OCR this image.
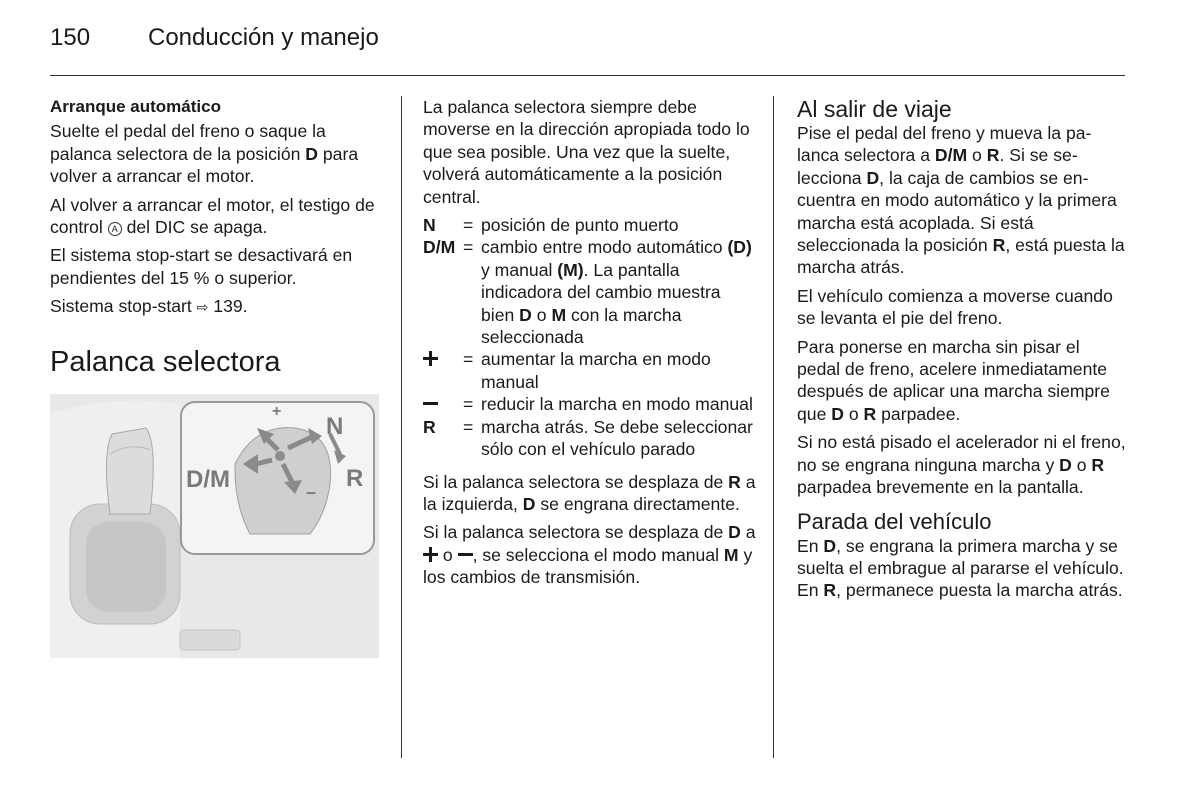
150 Conducción y manejo
Arranque automático

Suelte el pedal del freno o saque la palanca selectora de la posición D para volver a arrancar el motor.

Al volver a arrancar el motor, el testigo de control A del DIC se apaga.

El sistema stop-start se desactivará en pendientes del 15 % o superior.

Sistema stop-start ⇨ 139.

Palanca selectora
+
D/M
N
R
–

La palanca selectora siempre debe moverse en la dirección apropiada todo lo que sea posible. Una vez que la suelte, volverá automáticamente a la posición central.

N	= posición de punto muerto
D/M = cambio entre modo automático (D) y manual (M). La pantalla indicadora del cambio muestra bien D o M con la marcha seleccionada
= aumentar la marcha en modo manual
= reducir la marcha en modo manual
R	= marcha atrás. Se debe seleccionar sólo con el vehículo parado

Si la palanca selectora se desplaza de R a la izquierda, D se engrana directamente.

Si la palanca selectora se desplaza de D a  o , se selecciona el modo manual M y los cambios de transmisión.

Al salir de viaje

Pise el pedal del freno y mueva la palanca selectora a D/M o R. Si se selecciona D, la caja de cambios se encuentra en modo automático y la primera marcha está acoplada. Si está seleccionada la posición R, está puesta la marcha atrás.

El vehículo comienza a moverse cuando se levanta el pie del freno.

Para ponerse en marcha sin pisar el pedal de freno, acelere inmediatamente después de aplicar una marcha siempre que D o R parpadee.

Si no está pisado el acelerador ni el freno, no se engrana ninguna marcha y D o R parpadea brevemente en la pantalla.

Parada del vehículo

En D, se engrana la primera marcha y se suelta el embrague al pararse el vehículo. En R, permanece puesta la marcha atrás.
